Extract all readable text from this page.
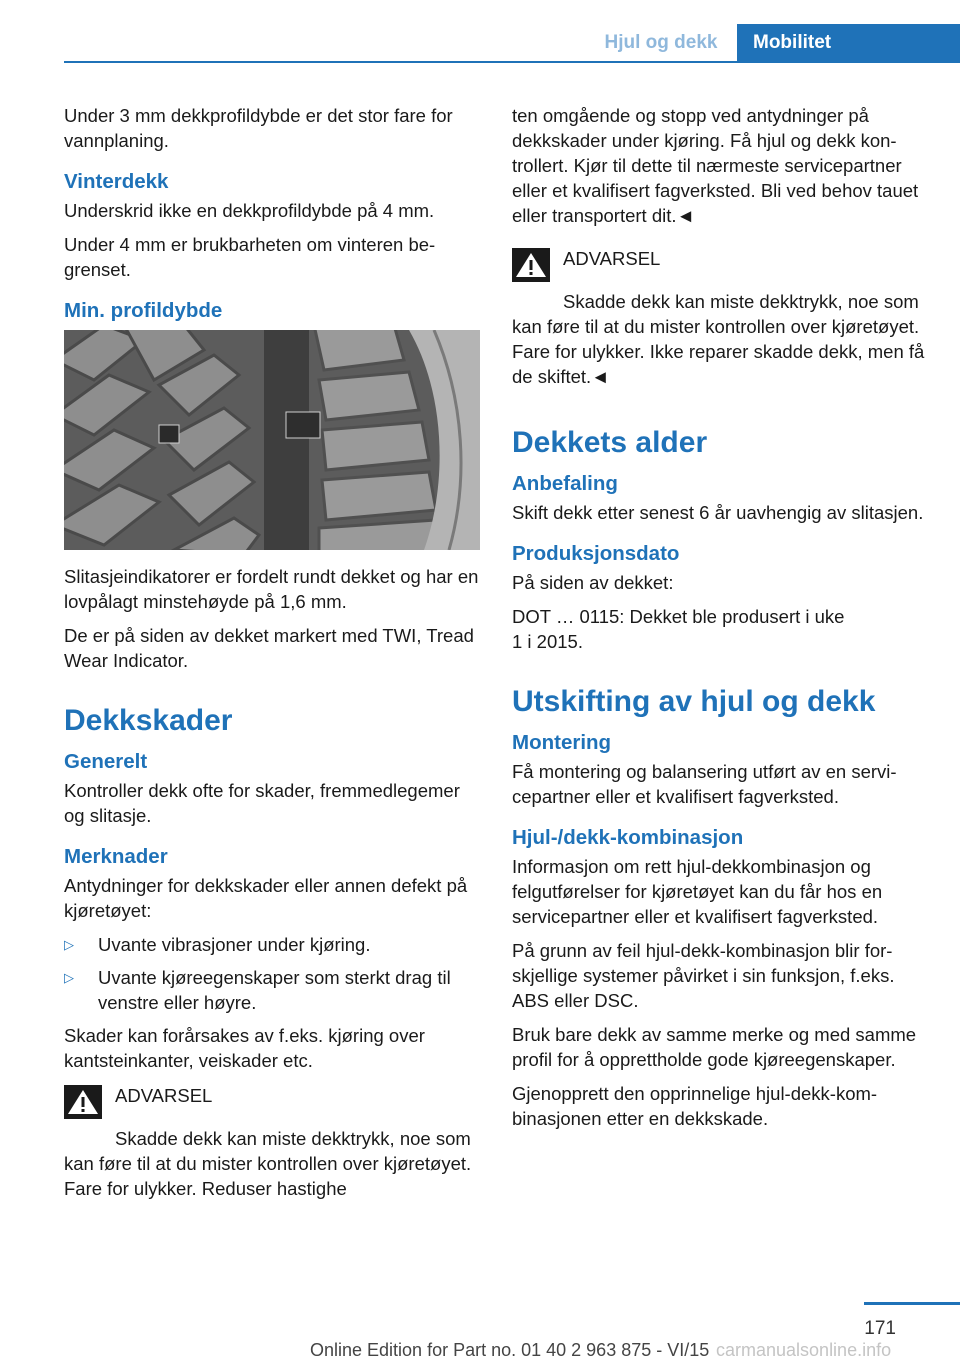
Hjul og dekk	Mobilitet

Under 3 mm dekkprofildybde er det stor fare for vannplaning.

Vinterdekk

Underskrid ikke en dekkprofildybde på 4 mm.

Under 4 mm er brukbarheten om vinteren begrenset.

Min. profildybde

Slitasjeindikatorer er fordelt rundt dekket og har en lovpålagt minstehøyde på 1,6 mm.

De er på siden av dekket markert med TWI, Tread Wear Indicator.

Dekkskader
Generelt

Kontroller dekk ofte for skader, fremmedlegemer og slitasje.

Merknader

Antydninger for dekkskader eller annen defekt på kjøretøyet:

▷	Uvante vibrasjoner under kjøring.
▷	Uvante kjøreegenskaper som sterkt drag til venstre eller høyre.

Skader kan forårsakes av f.eks. kjøring over kantsteinkanter, veiskader etc.

ADVARSEL

Skadde dekk kan miste dekktrykk, noe som kan føre til at du mister kontrollen over kjøretøyet. Fare for ulykker. Reduser hastighe

ten omgående og stopp ved antydninger på dekkskader under kjøring. Få hjul og dekk kontrollert. Kjør til dette til nærmeste servicepartner eller et kvalifisert fagverksted. Bli ved behov tauet eller transportert dit.◄

ADVARSEL

Skadde dekk kan miste dekktrykk, noe som kan føre til at du mister kontrollen over kjøretøyet. Fare for ulykker. Ikke reparer skadde dekk, men få de skiftet.◄

Dekkets alder
Anbefaling

Skift dekk etter senest 6 år uavhengig av slitasjen.

Produksjonsdato

På siden av dekket:

DOT … 0115: Dekket ble produsert i uke 1 i 2015.

Utskifting av hjul og dekk
Montering

Få montering og balansering utført av en servicepartner eller et kvalifisert fagverksted.

Hjul-/dekk-kombinasjon

Informasjon om rett hjul-dekkombinasjon og felgutførelser for kjøretøyet kan du får hos en servicepartner eller et kvalifisert fagverksted.

På grunn av feil hjul-dekk-kombinasjon blir forskjellige systemer påvirket i sin funksjon, f.eks. ABS eller DSC.

Bruk bare dekk av samme merke og med samme profil for å opprettholde gode kjøreegenskaper.

Gjenopprett den opprinnelige hjul-dekk-kombinasjonen etter en dekkskade.

171
Online Edition for Part no. 01 40 2 963 875 - VI/15 carmanualsonline.info
